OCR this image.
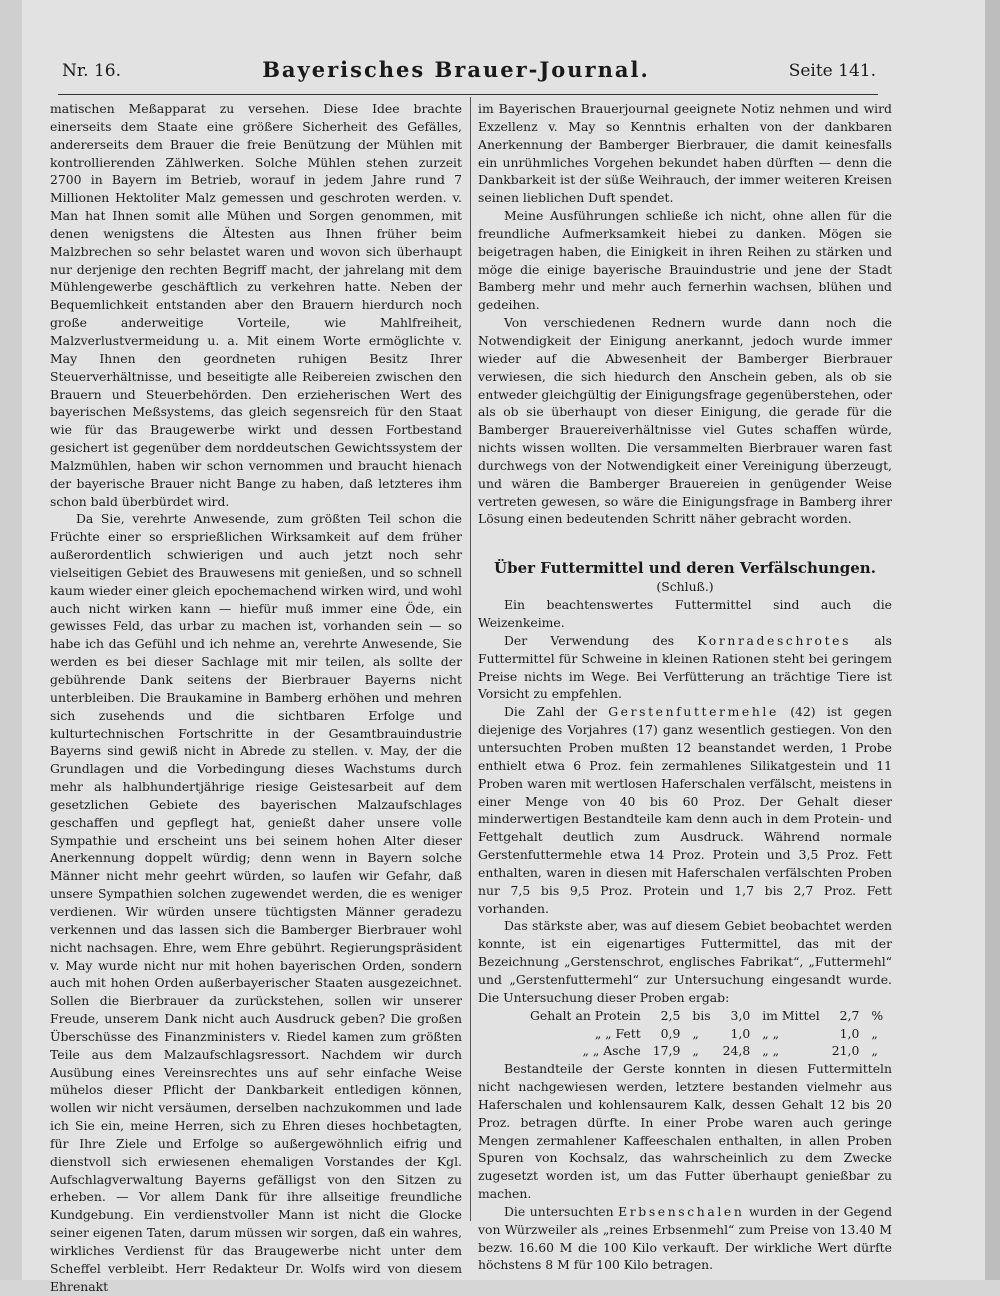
Nr. 16.	Bayerisches Brauer-Journal.	Seite 141.

matischen Meßapparat zu versehen. Diese Idee brachte einerseits dem Staate eine größere Sicherheit des Gefälles, andererseits dem Brauer die freie Benützung der Mühlen mit kontrollierenden Zählwerken. Solche Mühlen stehen zurzeit 2700 in Bayern im Betrieb, worauf in jedem Jahre rund 7 Millionen Hektoliter Malz gemessen und geschroten werden. v. Man hat Ihnen somit alle Mühen und Sorgen genommen, mit denen wenigstens die Ältesten aus Ihnen früher beim Malzbrechen so sehr belastet waren und wovon sich überhaupt nur derjenige den rechten Begriff macht, der jahrelang mit dem Mühlengewerbe geschäftlich zu verkehren hatte. Neben der Bequemlichkeit entstanden aber den Brauern hierdurch noch große anderweitige Vorteile, wie Mahlfreiheit, Malzverlustvermeidung u. a. Mit einem Worte ermöglichte v. May Ihnen den geordneten ruhigen Besitz Ihrer Steuerverhältnisse, und beseitigte alle Reibereien zwischen den Brauern und Steuerbehörden. Den erzieherischen Wert des bayerischen Meßsystems, das gleich segensreich für den Staat wie für das Braugewerbe wirkt und dessen Fortbestand gesichert ist gegenüber dem norddeutschen Gewichtssystem der Malzmühlen, haben wir schon vernommen und braucht hienach der bayerische Brauer nicht Bange zu haben, daß letzteres ihm schon bald überbürdet wird.

Da Sie, verehrte Anwesende, zum größten Teil schon die Früchte einer so ersprießlichen Wirksamkeit auf dem früher außerordentlich schwierigen und auch jetzt noch sehr vielseitigen Gebiet des Brauwesens mit genießen, und so schnell kaum wieder einer gleich epochemachend wirken wird, und wohl auch nicht wirken kann — hiefür muß immer eine Öde, ein gewisses Feld, das urbar zu machen ist, vorhanden sein — so habe ich das Gefühl und ich nehme an, verehrte Anwesende, Sie werden es bei dieser Sachlage mit mir teilen, als sollte der gebührende Dank seitens der Bierbrauer Bayerns nicht unterbleiben. Die Braukamine in Bamberg erhöhen und mehren sich zusehends und die sichtbaren Erfolge und kulturtechnischen Fortschritte in der Gesamtbrauindustrie Bayerns sind gewiß nicht in Abrede zu stellen. v. May, der die Grundlagen und die Vorbedingung dieses Wachstums durch mehr als halbhundertjährige riesige Geistesarbeit auf dem gesetzlichen Gebiete des bayerischen Malzaufschlages geschaffen und gepflegt hat, genießt daher unsere volle Sympathie und erscheint uns bei seinem hohen Alter dieser Anerkennung doppelt würdig; denn wenn in Bayern solche Männer nicht mehr geehrt würden, so laufen wir Gefahr, daß unsere Sympathien solchen zugewendet werden, die es weniger verdienen. Wir würden unsere tüchtigsten Männer geradezu verkennen und das lassen sich die Bamberger Bierbrauer wohl nicht nachsagen. Ehre, wem Ehre gebührt. Regierungspräsident v. May wurde nicht nur mit hohen bayerischen Orden, sondern auch mit hohen Orden außerbayerischer Staaten ausgezeichnet. Sollen die Bierbrauer da zurückstehen, sollen wir unserer Freude, unserem Dank nicht auch Ausdruck geben? Die großen Überschüsse des Finanzministers v. Riedel kamen zum größten Teile aus dem Malzaufschlagsressort. Nachdem wir durch Ausübung eines Vereinsrechtes uns auf sehr einfache Weise mühelos dieser Pflicht der Dankbarkeit entledigen können, wollen wir nicht versäumen, derselben nachzukommen und lade ich Sie ein, meine Herren, sich zu Ehren dieses hochbetagten, für Ihre Ziele und Erfolge so außergewöhnlich eifrig und dienstvoll sich erwiesenen ehemaligen Vorstandes der Kgl. Aufschlagverwaltung Bayerns gefälligst von den Sitzen zu erheben. — Vor allem Dank für ihre allseitige freundliche Kundgebung. Ein verdienstvoller Mann ist nicht die Glocke seiner eigenen Taten, darum müssen wir sorgen, daß ein wahres, wirkliches Verdienst für das Braugewerbe nicht unter dem Scheffel verbleibt. Herr Redakteur Dr. Wolfs wird von diesem Ehrenakt

im Bayerischen Brauerjournal geeignete Notiz nehmen und wird Exzellenz v. May so Kenntnis erhalten von der dankbaren Anerkennung der Bamberger Bierbrauer, die damit keinesfalls ein unrühmliches Vorgehen bekundet haben dürften — denn die Dankbarkeit ist der süße Weihrauch, der immer weiteren Kreisen seinen lieblichen Duft spendet.

Meine Ausführungen schließe ich nicht, ohne allen für die freundliche Aufmerksamkeit hiebei zu danken. Mögen sie beigetragen haben, die Einigkeit in ihren Reihen zu stärken und möge die einige bayerische Brauindustrie und jene der Stadt Bamberg mehr und mehr auch fernerhin wachsen, blühen und gedeihen.

Von verschiedenen Rednern wurde dann noch die Notwendigkeit der Einigung anerkannt, jedoch wurde immer wieder auf die Abwesenheit der Bamberger Bierbrauer verwiesen, die sich hiedurch den Anschein geben, als ob sie entweder gleichgültig der Einigungsfrage gegenüberstehen, oder als ob sie überhaupt von dieser Einigung, die gerade für die Bamberger Brauereiverhältnisse viel Gutes schaffen würde, nichts wissen wollten. Die versammelten Bierbrauer waren fast durchwegs von der Notwendigkeit einer Vereinigung überzeugt, und wären die Bamberger Brauereien in genügender Weise vertreten gewesen, so wäre die Einigungsfrage in Bamberg ihrer Lösung einen bedeutenden Schritt näher gebracht worden.

Über Futtermittel und deren Verfälschungen.
(Schluß.)

Ein beachtenswertes Futtermittel sind auch die Weizenkeime.

Der Verwendung des Kornradeschrotes als Futtermittel für Schweine in kleinen Rationen steht bei geringem Preise nichts im Wege. Bei Verfütterung an trächtige Tiere ist Vorsicht zu empfehlen.

Die Zahl der Gerstenfuttermehle (42) ist gegen diejenige des Vorjahres (17) ganz wesentlich gestiegen. Von den untersuchten Proben mußten 12 beanstandet werden, 1 Probe enthielt etwa 6 Proz. fein zermahlenes Silikatgestein und 11 Proben waren mit wertlosen Haferschalen verfälscht, meistens in einer Menge von 40 bis 60 Proz. Der Gehalt dieser minderwertigen Bestandteile kam denn auch in dem Protein- und Fettgehalt deutlich zum Ausdruck. Während normale Gerstenfuttermehle etwa 14 Proz. Protein und 3,5 Proz. Fett enthalten, waren in diesen mit Haferschalen verfälschten Proben nur 7,5 bis 9,5 Proz. Protein und 1,7 bis 2,7 Proz. Fett vorhanden.

Das stärkste aber, was auf diesem Gebiet beobachtet werden konnte, ist ein eigenartiges Futtermittel, das mit der Bezeichnung „Gerstenschrot, englisches Fabrikat“, „Futtermehl“ und „Gerstenfuttermehl“ zur Untersuchung eingesandt wurde. Die Untersuchung dieser Proben ergab:

Gehalt an Protein	2,5	bis	3,0	im Mittel	2,7	%
„ „ Fett	0,9	„	1,0	„ „	1,0	„
„ „ Asche	17,9	„	24,8	„ „	21,0	„

Bestandteile der Gerste konnten in diesen Futtermitteln nicht nachgewiesen werden, letztere bestanden vielmehr aus Haferschalen und kohlensaurem Kalk, dessen Gehalt 12 bis 20 Proz. betragen dürfte. In einer Probe waren auch geringe Mengen zermahlener Kaffeeschalen enthalten, in allen Proben Spuren von Kochsalz, das wahrscheinlich zu dem Zwecke zugesetzt worden ist, um das Futter überhaupt genießbar zu machen.

Die untersuchten Erbsenschalen wurden in der Gegend von Würzweiler als „reines Erbsenmehl“ zum Preise von 13.40 M bezw. 16.60 M die 100 Kilo verkauft. Der wirkliche Wert dürfte höchstens 8 M für 100 Kilo betragen.
